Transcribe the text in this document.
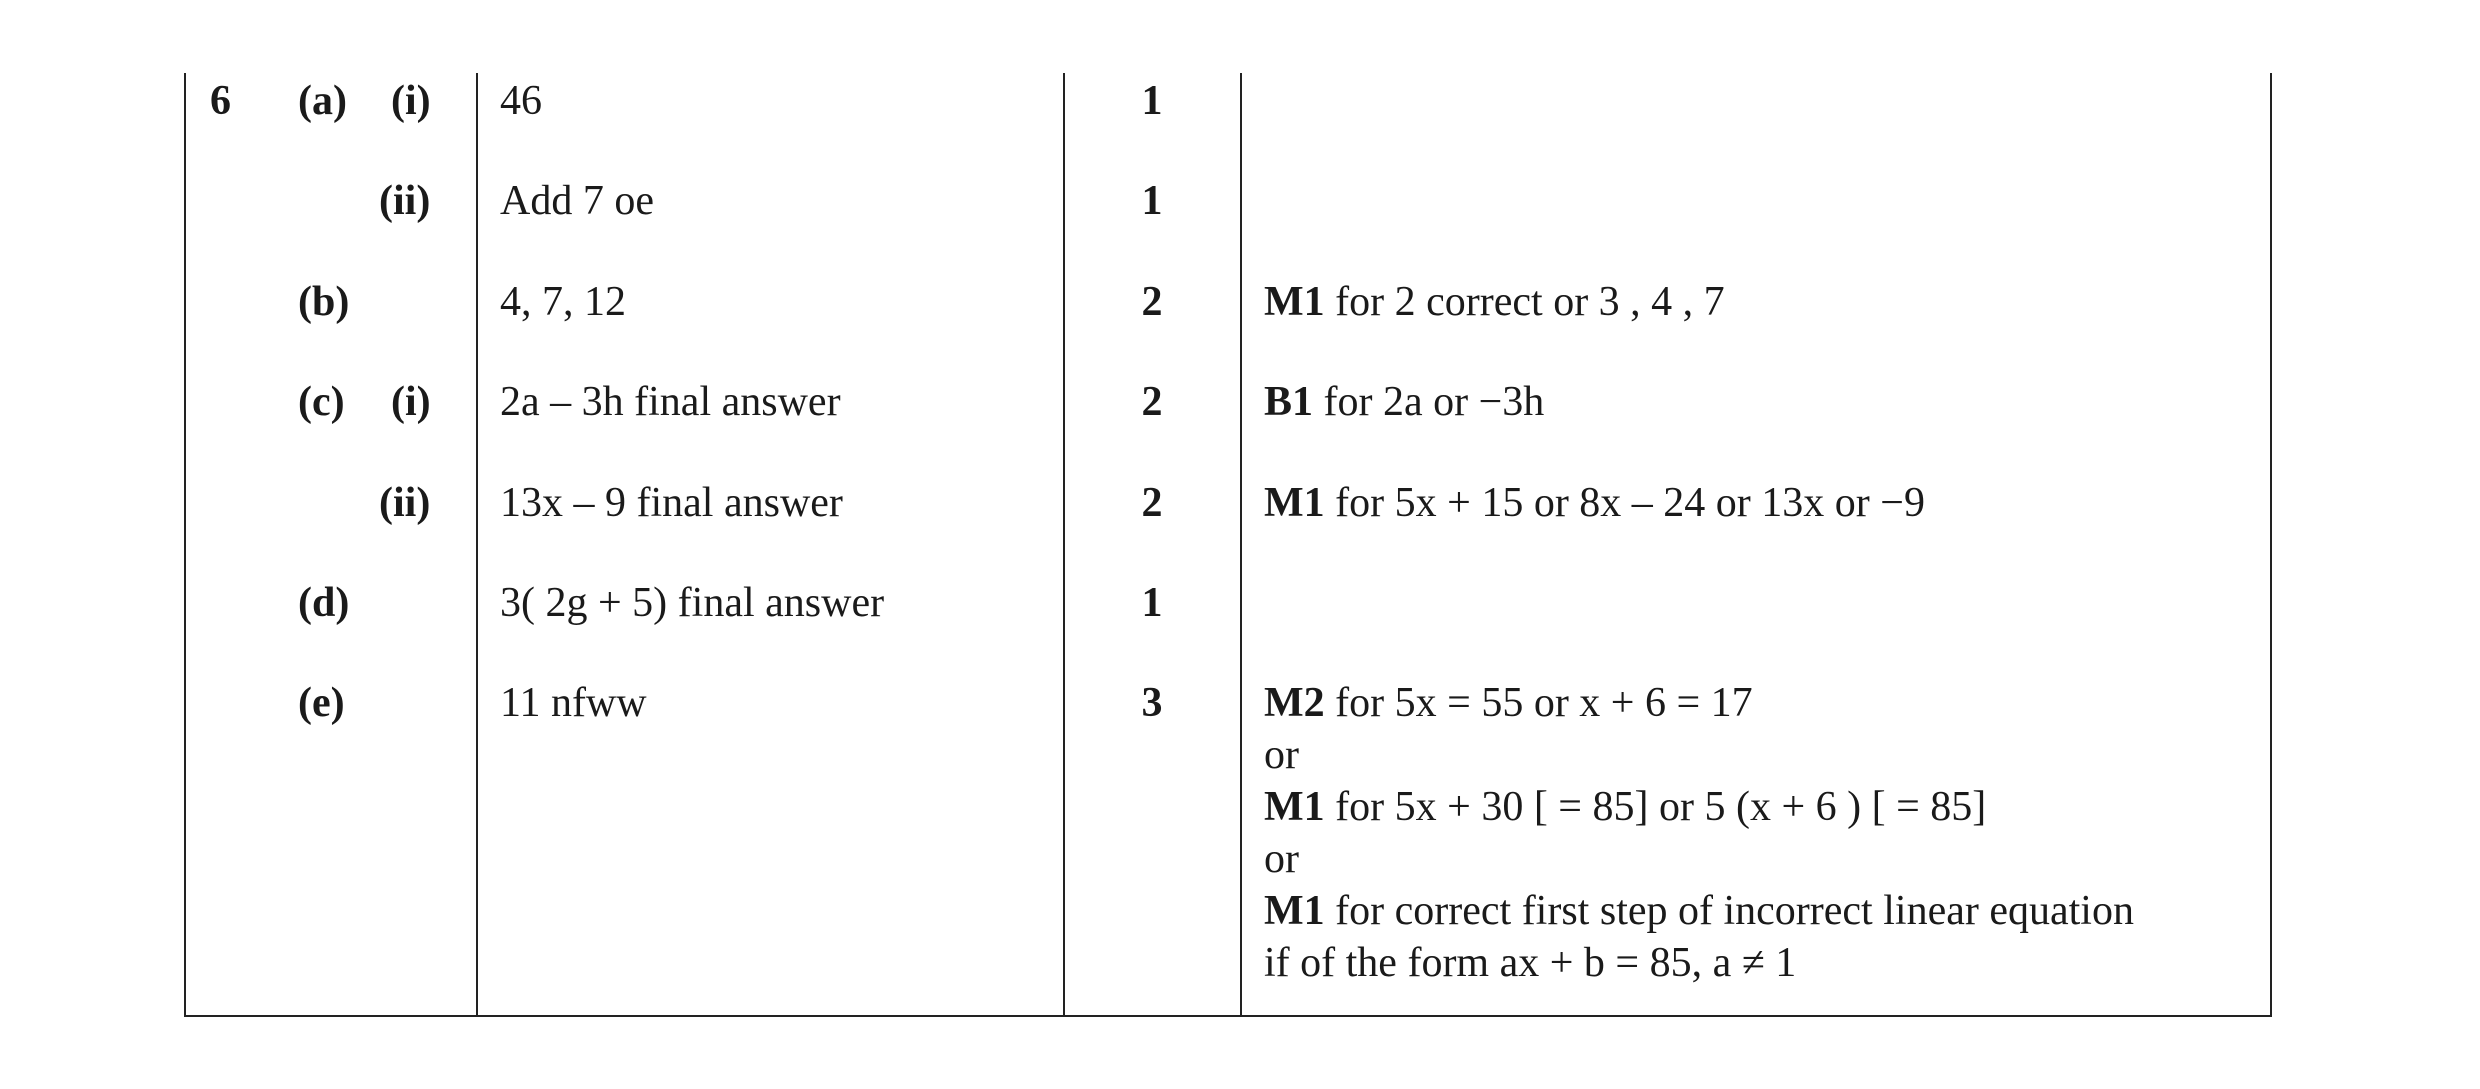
6 (a) (i) 46	1
(ii) Add 7 oe	1
(b)	4, 7, 12	2	M1 for 2 correct or 3 , 4 , 7
(c) (i) 2a – 3h final answer	2	B1 for 2a or −3h
(ii) 13x – 9 final answer	2	M1 for 5x + 15 or 8x – 24 or 13x or −9
(d)	3( 2g + 5) final answer	1
(e)	11 nfww	3	M2 for 5x = 55 or x + 6 = 17
or
M1 for 5x + 30 [ = 85] or 5 (x + 6 ) [ = 85]
or
M1 for correct first step of incorrect linear equation
if of the form ax + b = 85, a ≠ 1
